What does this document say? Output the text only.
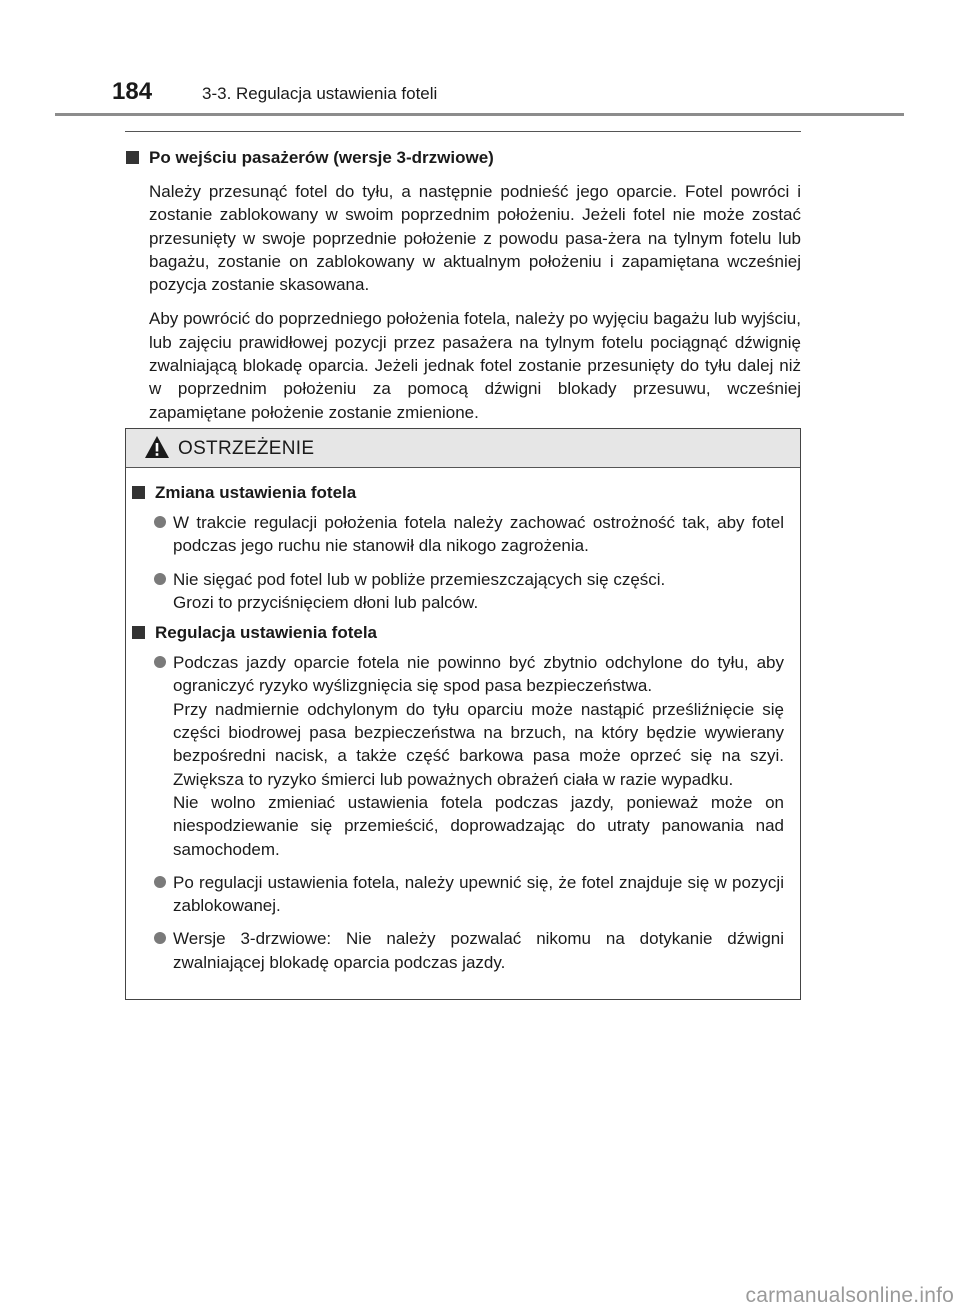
184	3-3. Regulacja ustawienia foteli
Po wejściu pasażerów (wersje 3-drzwiowe)

Należy przesunąć fotel do tyłu, a następnie podnieść jego oparcie. Fotel powróci i zostanie zablokowany w swoim poprzednim położeniu. Jeżeli fotel nie może zostać przesunięty w swoje poprzednie położenie z powodu pasa-żera na tylnym fotelu lub bagażu, zostanie on zablokowany w aktualnym położeniu i zapamiętana wcześniej pozycja zostanie skasowana.

Aby powrócić do poprzedniego położenia fotela, należy po wyjęciu bagażu lub wyjściu, lub zajęciu prawidłowej pozycji przez pasażera na tylnym fotelu pociągnąć dźwignię zwalniającą blokadę oparcia. Jeżeli jednak fotel zostanie przesunięty do tyłu dalej niż w poprzednim położeniu za pomocą dźwigni blokady przesuwu, wcześniej zapamiętane położenie zostanie zmienione.

OSTRZEŻENIE
Zmiana ustawienia fotela
W trakcie regulacji położenia fotela należy zachować ostrożność tak, aby fotel podczas jego ruchu nie stanowił dla nikogo zagrożenia.
Nie sięgać pod fotel lub w pobliże przemieszczających się części.
Grozi to przyciśnięciem dłoni lub palców.
Regulacja ustawienia fotela
Podczas jazdy oparcie fotela nie powinno być zbytnio odchylone do tyłu, aby ograniczyć ryzyko wyślizgnięcia się spod pasa bezpieczeństwa.
Przy nadmiernie odchylonym do tyłu oparciu może nastąpić prześliźnięcie się części biodrowej pasa bezpieczeństwa na brzuch, na który będzie wywierany bezpośredni nacisk, a także część barkowa pasa może oprzeć się na szyi. Zwiększa to ryzyko śmierci lub poważnych obrażeń ciała w razie wypadku.
Nie wolno zmieniać ustawienia fotela podczas jazdy, ponieważ może on niespodziewanie się przemieścić, doprowadzając do utraty panowania nad samochodem.
Po regulacji ustawienia fotela, należy upewnić się, że fotel znajduje się w pozycji zablokowanej.
Wersje 3-drzwiowe: Nie należy pozwalać nikomu na dotykanie dźwigni zwalniającej blokadę oparcia podczas jazdy.
carmanualsonline.info
